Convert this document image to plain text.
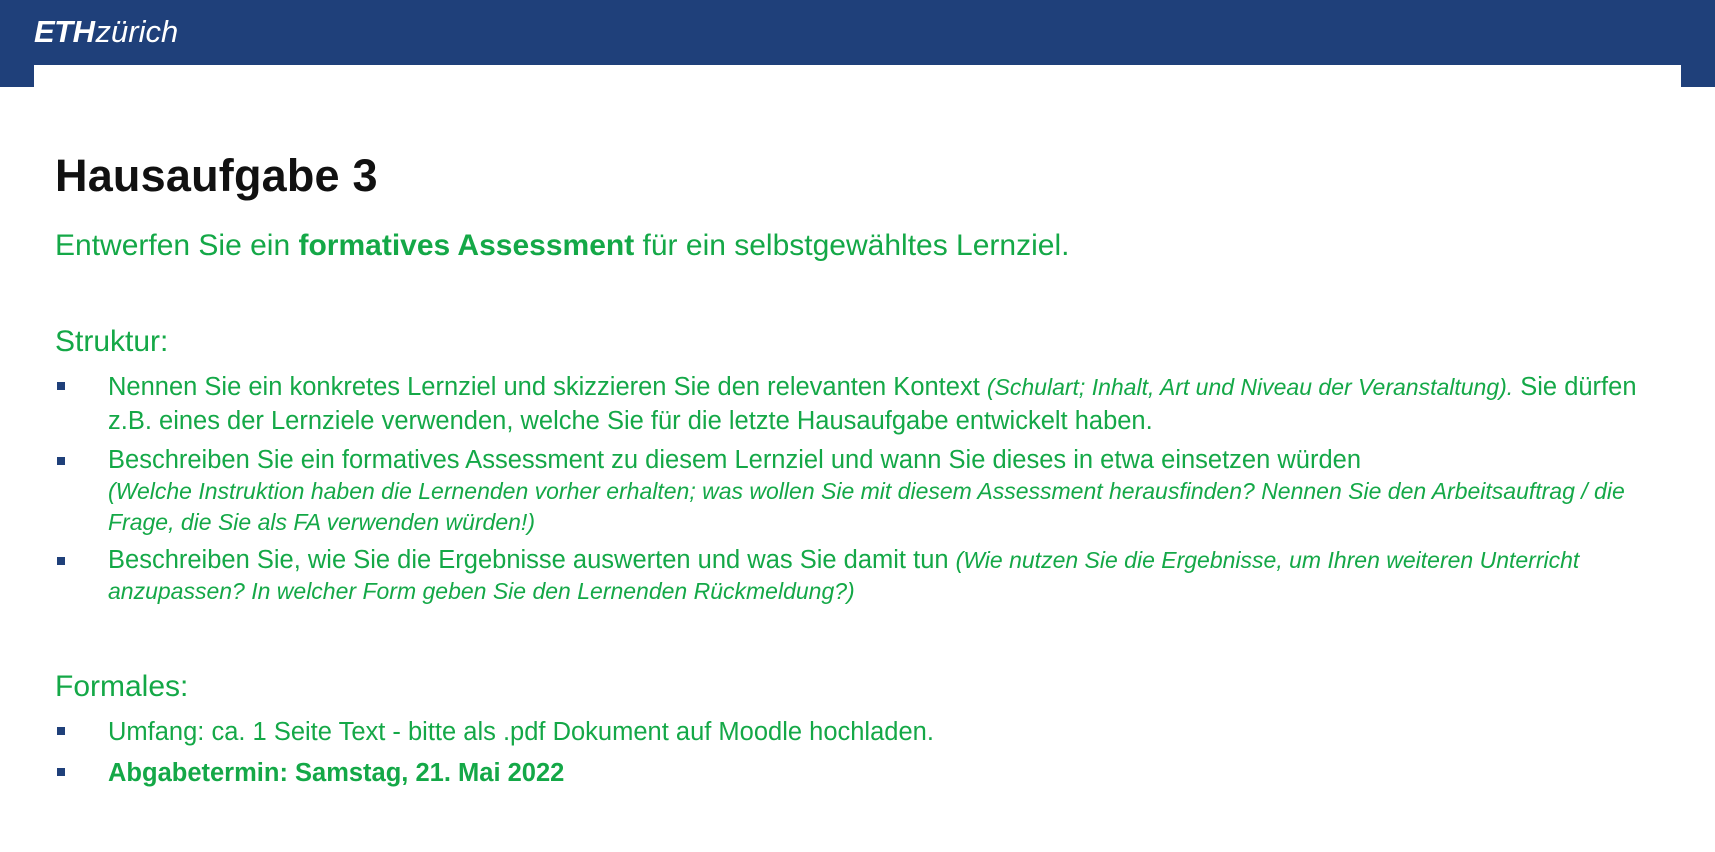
ETHzürich
Hausaufgabe 3

Entwerfen Sie ein formatives Assessment für ein selbstgewähltes Lernziel.

Struktur:
Nennen Sie ein konkretes Lernziel und skizzieren Sie den relevanten Kontext (Schulart; Inhalt, Art und Niveau der Veranstaltung). Sie dürfen z.B. eines der Lernziele verwenden, welche Sie für die letzte Hausaufgabe entwickelt haben.
Beschreiben Sie ein formatives Assessment zu diesem Lernziel und wann Sie dieses in etwa einsetzen würden
(Welche Instruktion haben die Lernenden vorher erhalten; was wollen Sie mit diesem Assessment herausfinden? Nennen Sie den Arbeitsauftrag / die Frage, die Sie als FA verwenden würden!)
Beschreiben Sie, wie Sie die Ergebnisse auswerten und was Sie damit tun (Wie nutzen Sie die Ergebnisse, um Ihren weiteren Unterricht anzupassen? In welcher Form geben Sie den Lernenden Rückmeldung?)
Formales:
Umfang: ca. 1 Seite Text - bitte als .pdf Dokument auf Moodle hochladen.
Abgabetermin: Samstag, 21. Mai 2022
